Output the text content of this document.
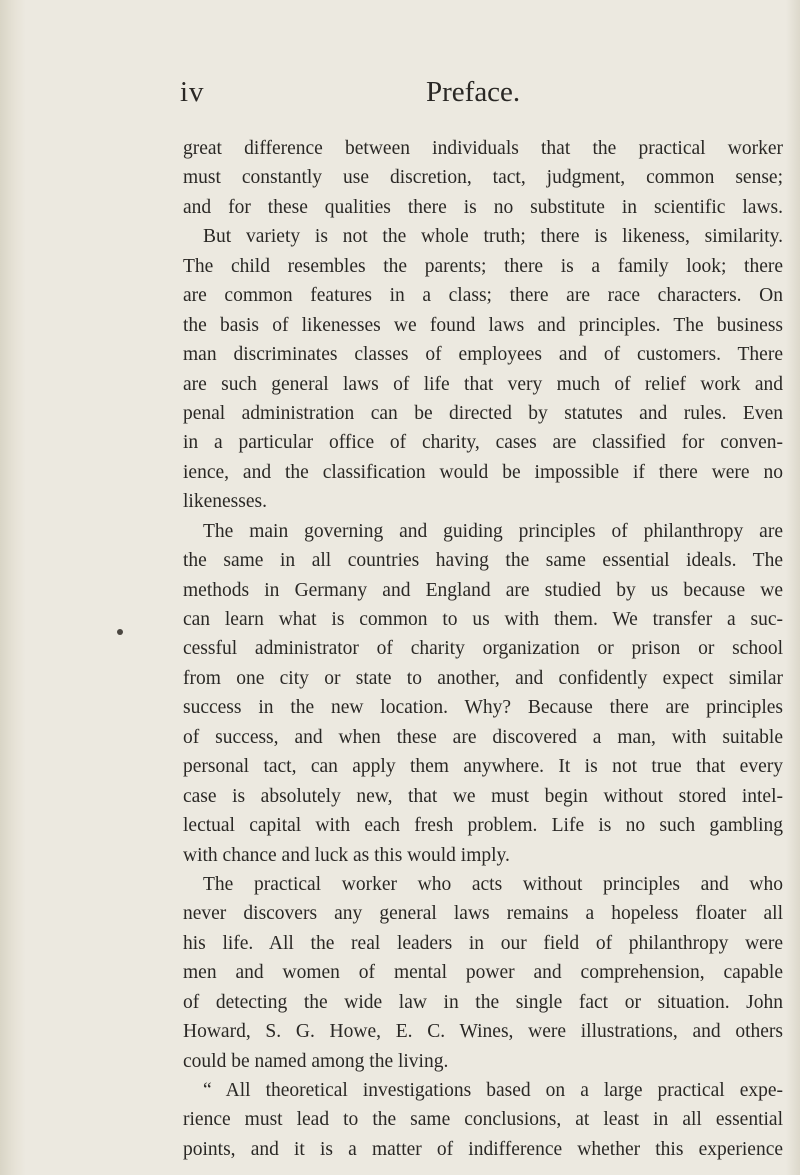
iv	Preface.
great difference between individuals that the practical worker
must constantly use discretion, tact, judgment, common sense;
and for these qualities there is no substitute in scientific laws.
But variety is not the whole truth; there is likeness, similarity.
The child resembles the parents; there is a family look; there
are common features in a class; there are race characters. On
the basis of likenesses we found laws and principles. The business
man discriminates classes of employees and of customers. There
are such general laws of life that very much of relief work and
penal administration can be directed by statutes and rules. Even
in a particular office of charity, cases are classified for conven-
ience, and the classification would be impossible if there were no
likenesses.
The main governing and guiding principles of philanthropy are
the same in all countries having the same essential ideals. The
methods in Germany and England are studied by us because we
can learn what is common to us with them. We transfer a suc-
cessful administrator of charity organization or prison or school
from one city or state to another, and confidently expect similar
success in the new location. Why? Because there are principles
of success, and when these are discovered a man, with suitable
personal tact, can apply them anywhere. It is not true that every
case is absolutely new, that we must begin without stored intel-
lectual capital with each fresh problem. Life is no such gambling
with chance and luck as this would imply.
The practical worker who acts without principles and who
never discovers any general laws remains a hopeless floater all
his life. All the real leaders in our field of philanthropy were
men and women of mental power and comprehension, capable
of detecting the wide law in the single fact or situation. John
Howard, S. G. Howe, E. C. Wines, were illustrations, and others
could be named among the living.
“ All theoretical investigations based on a large practical expe-
rience must lead to the same conclusions, at least in all essential
points, and it is a matter of indifference whether this experience
